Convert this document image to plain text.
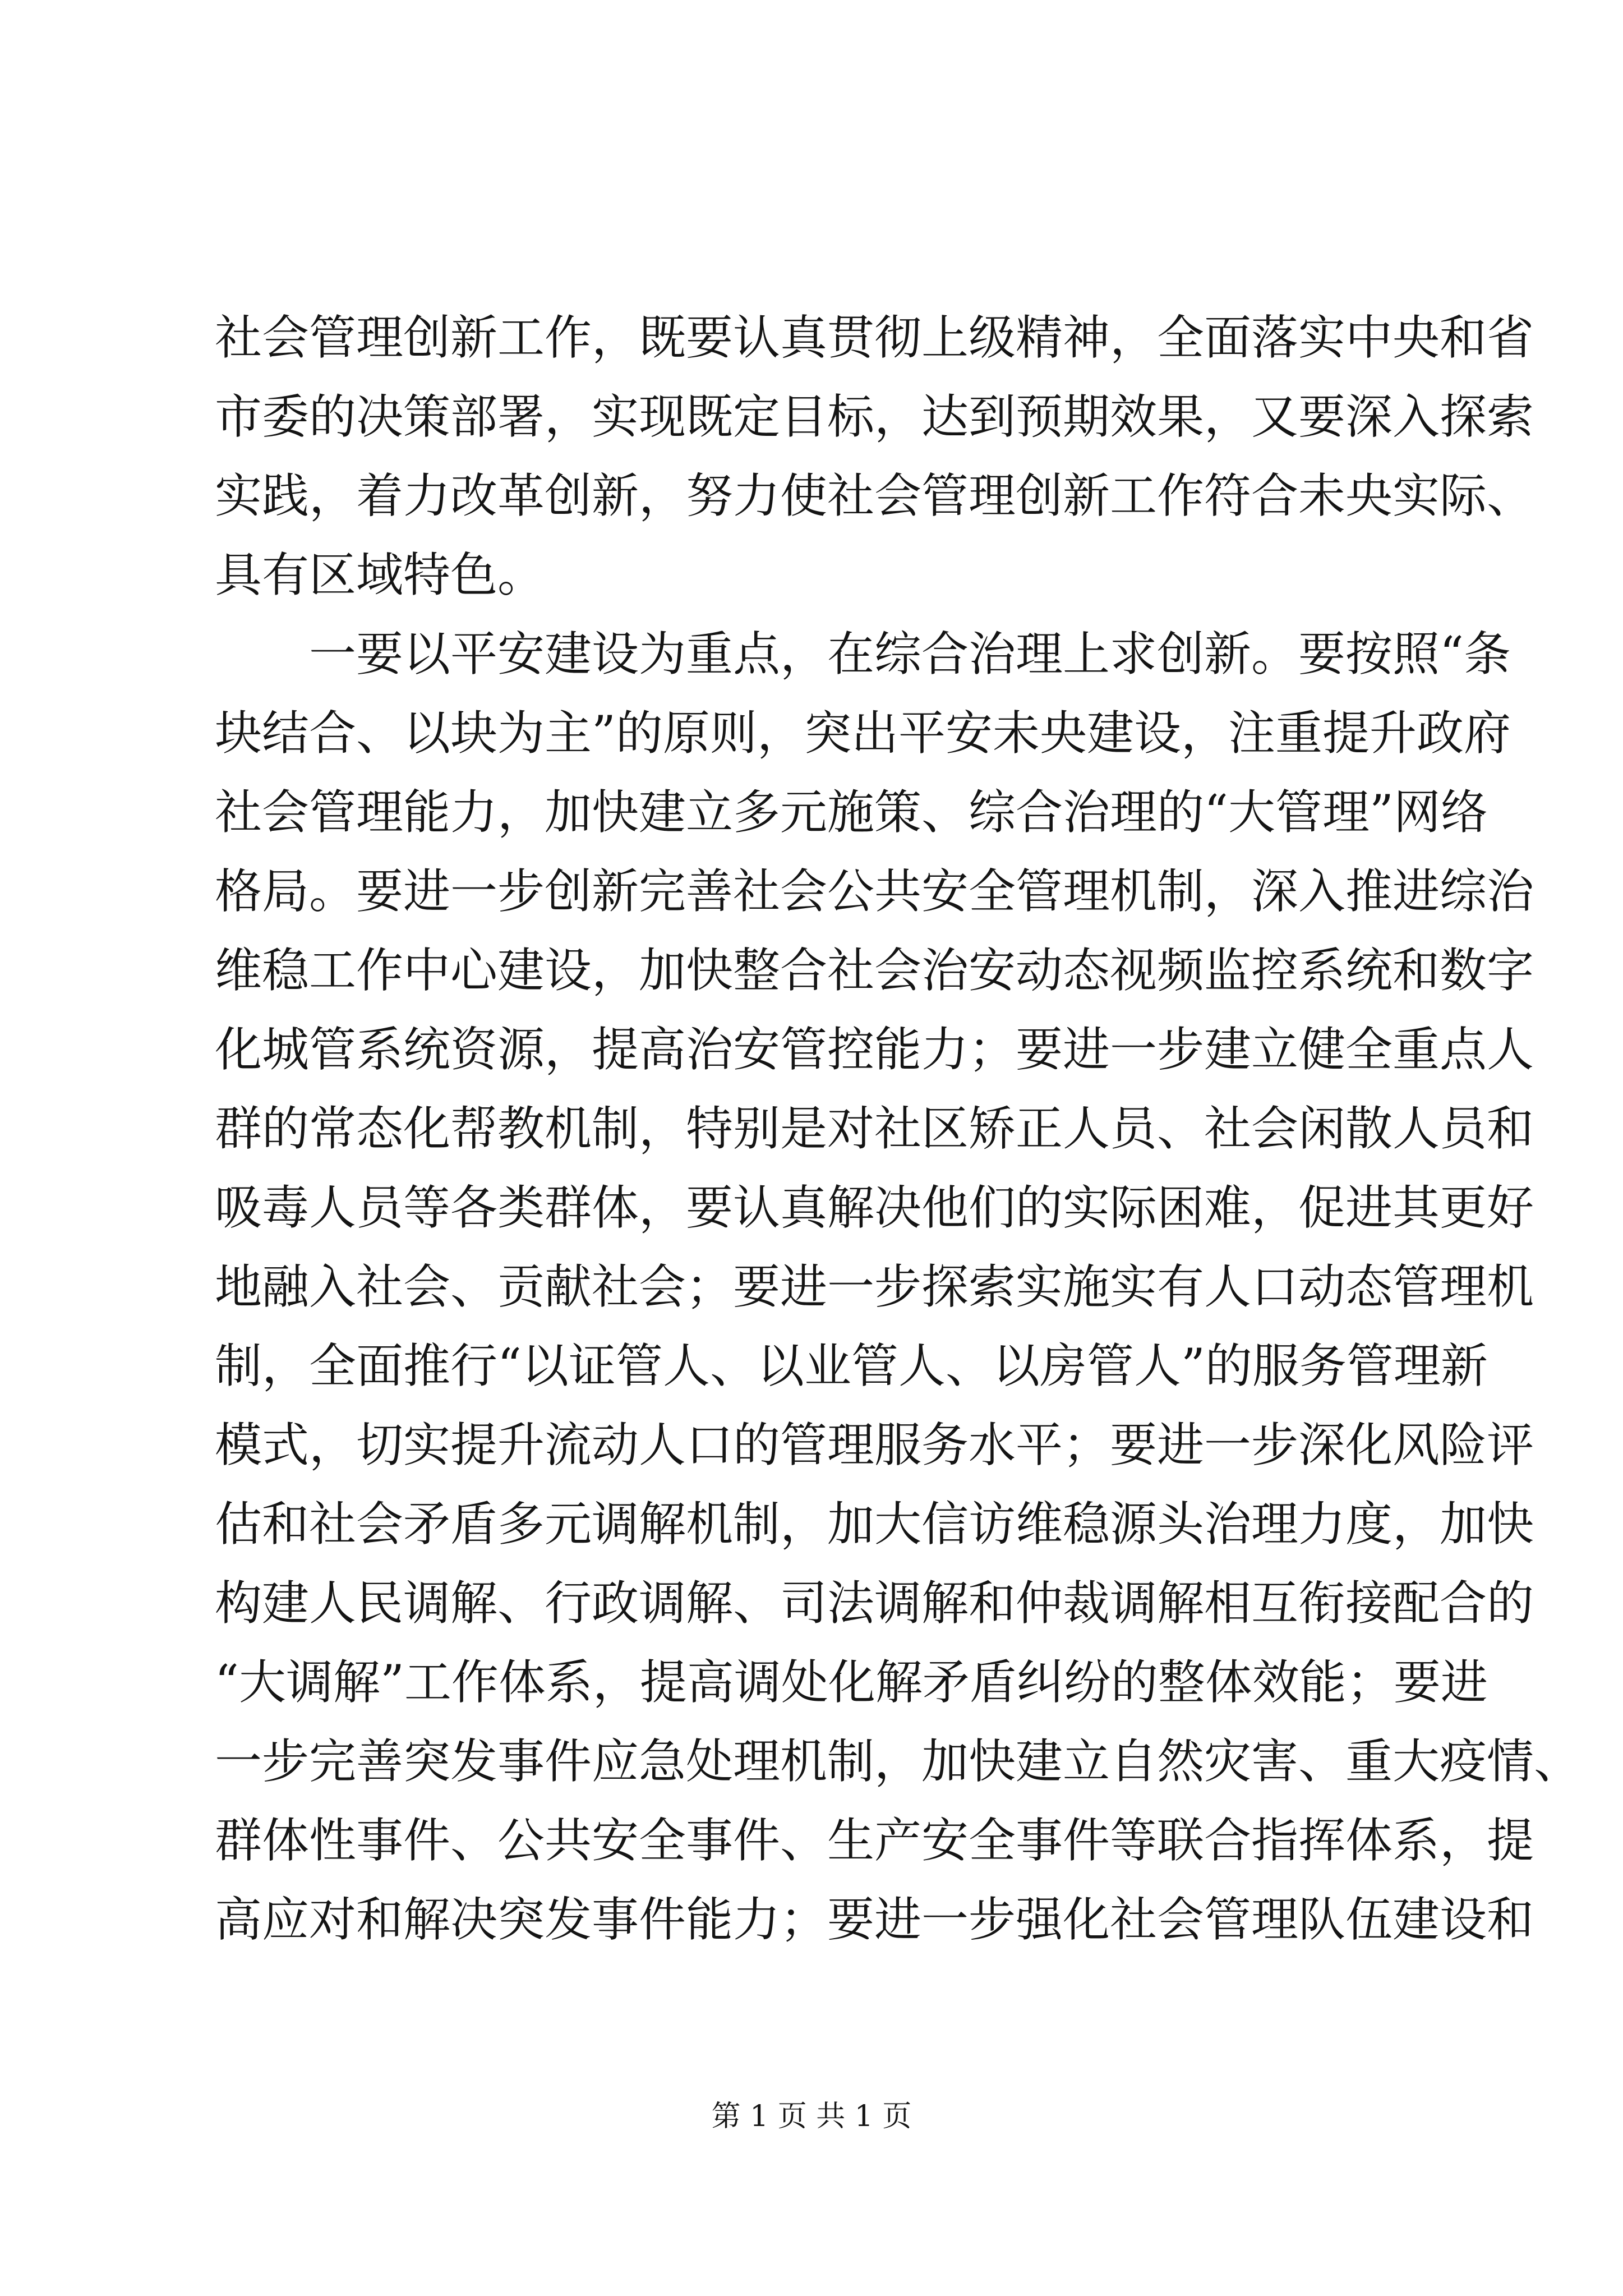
社会管理创新工作，既要认真贯彻上级精神，全面落实中央和省
市委的决策部署，实现既定目标，达到预期效果，又要深入探索
实践，着力改革创新，努力使社会管理创新工作符合未央实际、
具有区域特色。
一要以平安建设为重点，在综合治理上求创新。要按照“条
块结合、以块为主”的原则，突出平安未央建设，注重提升政府
社会管理能力，加快建立多元施策、综合治理的“大管理”网络
格局。要进一步创新完善社会公共安全管理机制，深入推进综治
维稳工作中心建设，加快整合社会治安动态视频监控系统和数字
化城管系统资源，提高治安管控能力；要进一步建立健全重点人
群的常态化帮教机制，特别是对社区矫正人员、社会闲散人员和
吸毒人员等各类群体，要认真解决他们的实际困难，促进其更好
地融入社会、贡献社会；要进一步探索实施实有人口动态管理机
制，全面推行“以证管人、以业管人、以房管人”的服务管理新
模式，切实提升流动人口的管理服务水平；要进一步深化风险评
估和社会矛盾多元调解机制，加大信访维稳源头治理力度，加快
构建人民调解、行政调解、司法调解和仲裁调解相互衔接配合的
“大调解”工作体系，提高调处化解矛盾纠纷的整体效能；要进
一步完善突发事件应急处理机制，加快建立自然灾害、重大疫情、
群体性事件、公共安全事件、生产安全事件等联合指挥体系，提
高应对和解决突发事件能力；要进一步强化社会管理队伍建设和
第 1 页 共 1 页
